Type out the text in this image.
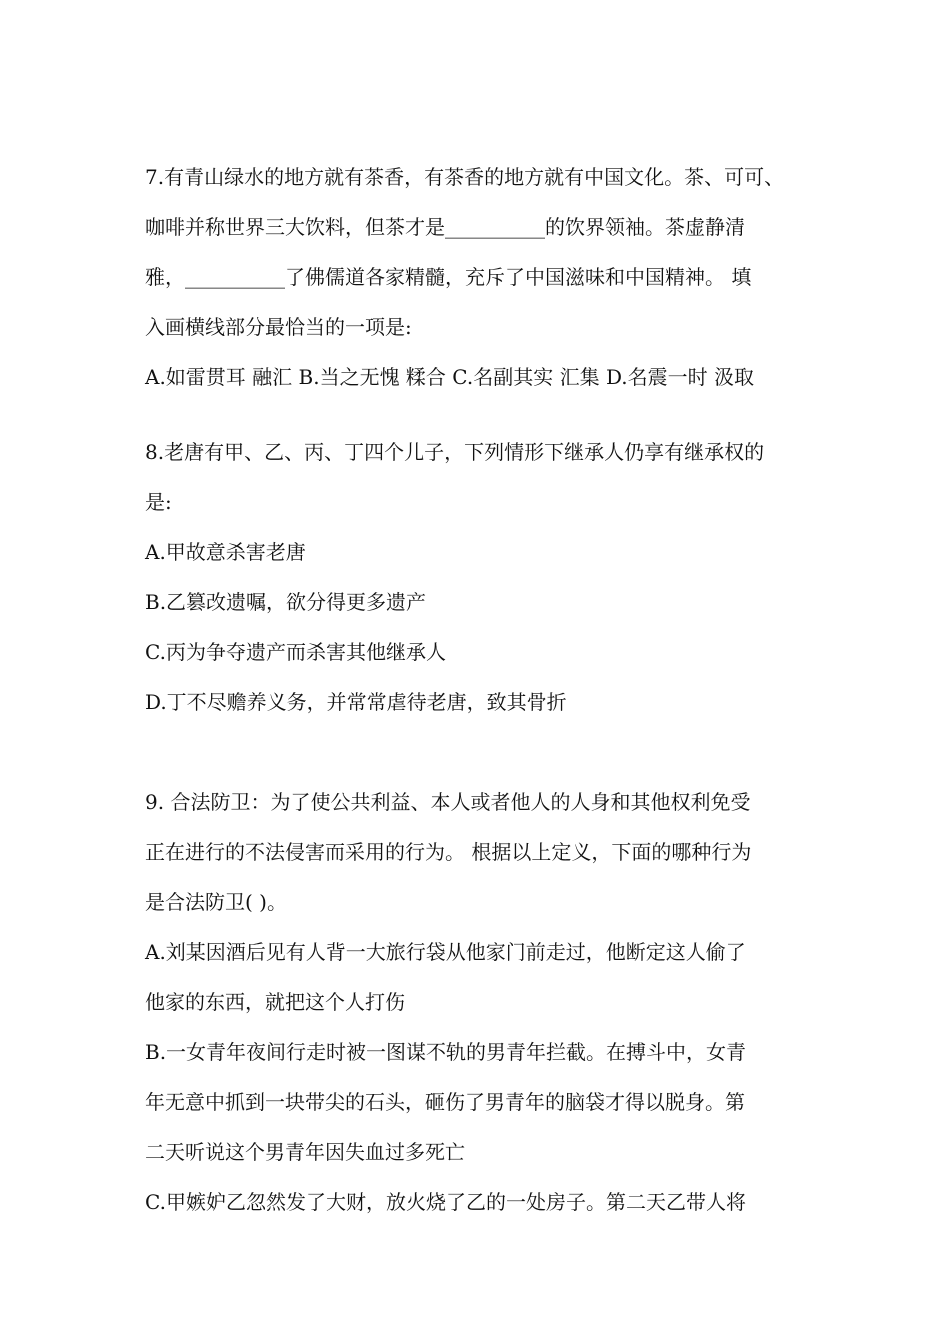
7.有青山绿水的地方就有茶香，有茶香的地方就有中国文化。茶、可可、
咖啡并称世界三大饮料，但茶才是__________的饮界领袖。茶虚静清
雅，__________了佛儒道各家精髓，充斥了中国滋味和中国精神。 填
入画横线部分最恰当的一项是:
A.如雷贯耳 融汇 B.当之无愧 糅合 C.名副其实 汇集 D.名震一时 汲取
8.老唐有甲、乙、丙、丁四个儿子，下列情形下继承人仍享有继承权的
是:
A.甲故意杀害老唐
B.乙篡改遗嘱，欲分得更多遗产
C.丙为争夺遗产而杀害其他继承人
D.丁不尽赡养义务，并常常虐待老唐，致其骨折
9. 合法防卫：为了使公共利益、本人或者他人的人身和其他权利免受
正在进行的不法侵害而采用的行为。 根据以上定义，下面的哪种行为
是合法防卫( )。
A.刘某因酒后见有人背一大旅行袋从他家门前走过，他断定这人偷了
他家的东西，就把这个人打伤
B.一女青年夜间行走时被一图谋不轨的男青年拦截。在搏斗中，女青
年无意中抓到一块带尖的石头，砸伤了男青年的脑袋才得以脱身。第
二天听说这个男青年因失血过多死亡
C.甲嫉妒乙忽然发了大财，放火烧了乙的一处房子。第二天乙带人将
